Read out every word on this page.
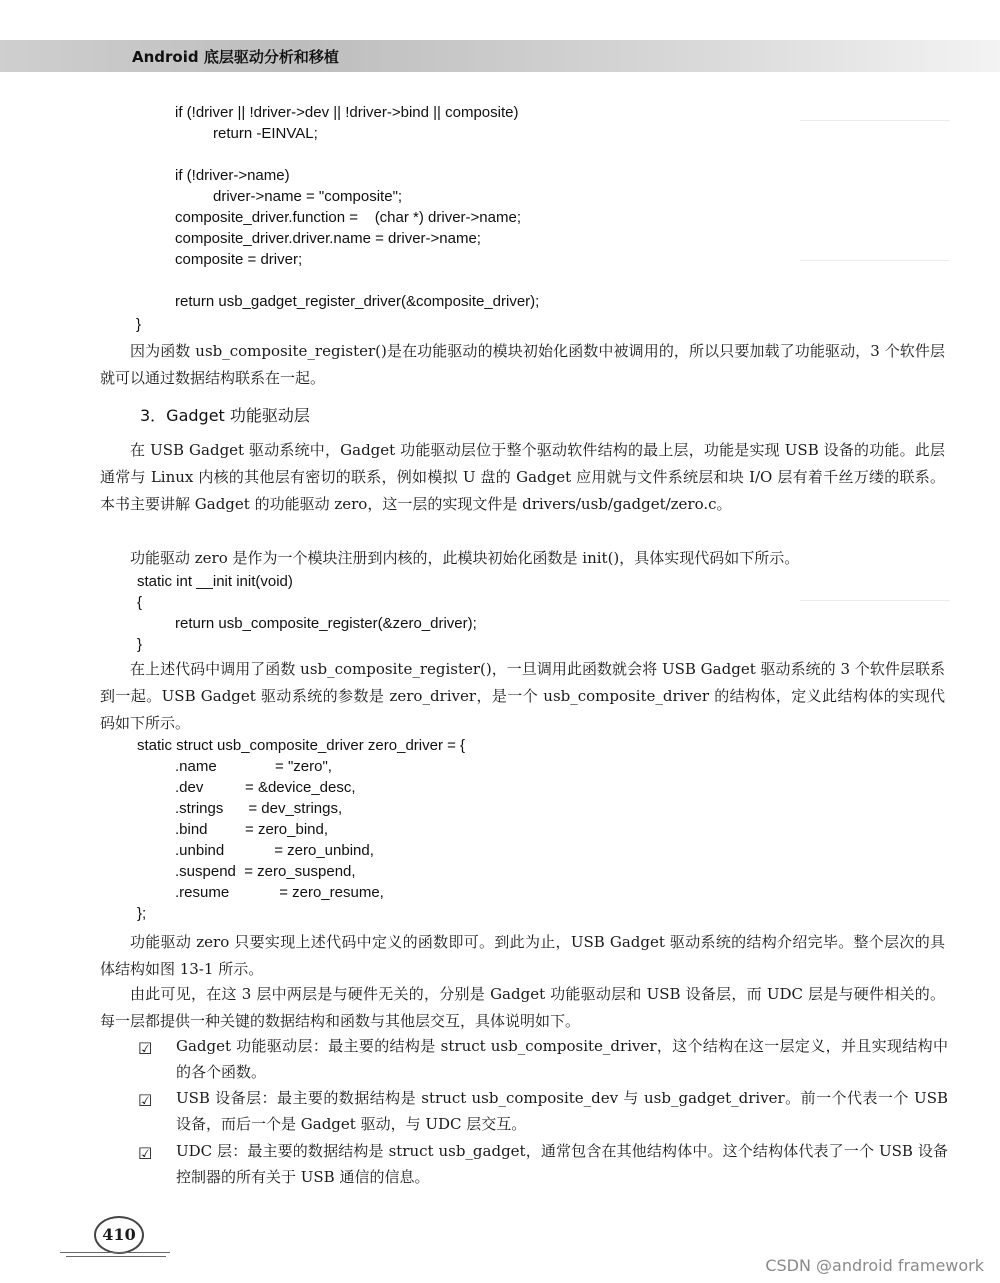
Android 底层驱动分析和移植
if (!driver || !driver->dev || !driver->bind || composite)
return -EINVAL;
if (!driver->name)
driver->name = "composite";
composite_driver.function =    (char *) driver->name;
composite_driver.driver.name = driver->name;
composite = driver;
return usb_gadget_register_driver(&composite_driver);
}
因为函数 usb_composite_register()是在功能驱动的模块初始化函数中被调用的，所以只要加载了功能驱动，3 个软件层就可以通过数据结构联系在一起。
3．Gadget 功能驱动层
在 USB Gadget 驱动系统中，Gadget 功能驱动层位于整个驱动软件结构的最上层，功能是实现 USB 设备的功能。此层通常与 Linux 内核的其他层有密切的联系，例如模拟 U 盘的 Gadget 应用就与文件系统层和块 I/O 层有着千丝万缕的联系。本书主要讲解 Gadget 的功能驱动 zero，这一层的实现文件是 drivers/usb/gadget/zero.c。
功能驱动 zero 是作为一个模块注册到内核的，此模块初始化函数是 init()，具体实现代码如下所示。
static int __init init(void)
{
return usb_composite_register(&zero_driver);
}
在上述代码中调用了函数 usb_composite_register()，一旦调用此函数就会将 USB Gadget 驱动系统的 3 个软件层联系到一起。USB Gadget 驱动系统的参数是 zero_driver，是一个 usb_composite_driver 的结构体，定义此结构体的实现代码如下所示。
static struct usb_composite_driver zero_driver = {
.name              = "zero",
.dev          = &device_desc,
.strings      = dev_strings,
.bind         = zero_bind,
.unbind            = zero_unbind,
.suspend  = zero_suspend,
.resume            = zero_resume,
};
功能驱动 zero 只要实现上述代码中定义的函数即可。到此为止，USB Gadget 驱动系统的结构介绍完毕。整个层次的具体结构如图 13-1 所示。
由此可见，在这 3 层中两层是与硬件无关的，分别是 Gadget 功能驱动层和 USB 设备层，而 UDC 层是与硬件相关的。每一层都提供一种关键的数据结构和函数与其他层交互，具体说明如下。
☑ Gadget 功能驱动层：最主要的结构是 struct usb_composite_driver，这个结构在这一层定义，并且实现结构中的各个函数。
☑ USB 设备层：最主要的数据结构是 struct usb_composite_dev 与 usb_gadget_driver。前一个代表一个 USB 设备，而后一个是 Gadget 驱动，与 UDC 层交互。
☑ UDC 层：最主要的数据结构是 struct usb_gadget，通常包含在其他结构体中。这个结构体代表了一个 USB 设备控制器的所有关于 USB 通信的信息。
410
CSDN @android framework
